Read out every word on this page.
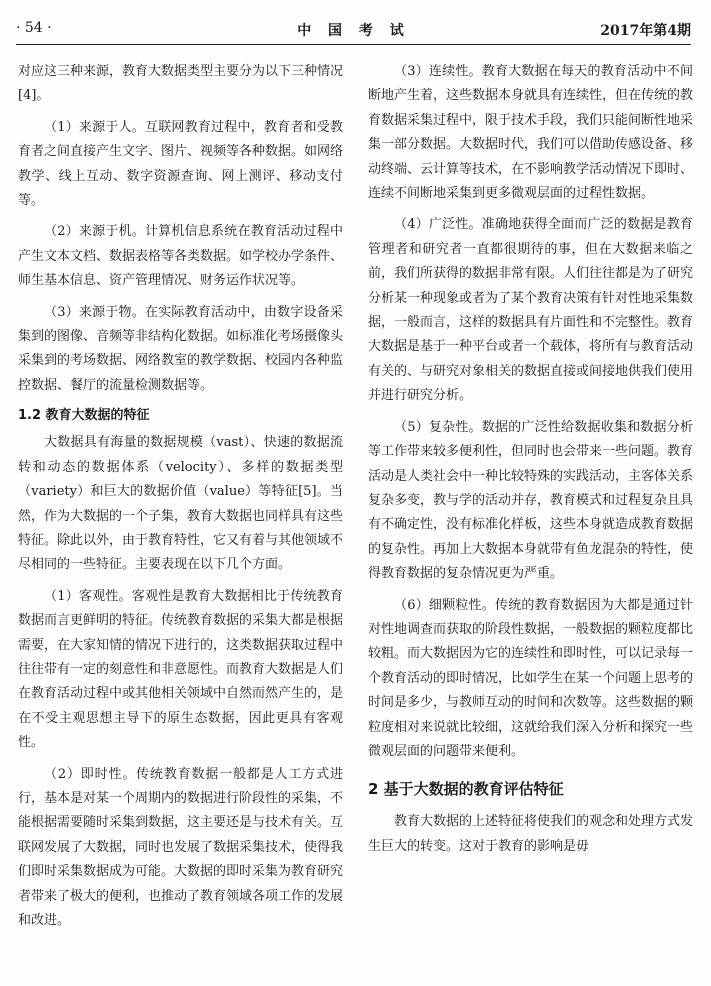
· 54 ·	中 国 考 试	2017年第4期

对应这三种来源，教育大数据类型主要分为以下三种情况[4]。

（1）来源于人。互联网教育过程中，教育者和受教育者之间直接产生文字、图片、视频等各种数据。如网络教学、线上互动、数字资源查询、网上测评、移动支付等。

（2）来源于机。计算机信息系统在教育活动过程中产生文本文档、数据表格等各类数据。如学校办学条件、师生基本信息、资产管理情况、财务运作状况等。

（3）来源于物。在实际教育活动中，由数字设备采集到的图像、音频等非结构化数据。如标准化考场摄像头采集到的考场数据、网络教室的教学数据、校园内各种监控数据、餐厅的流量检测数据等。

1.2 教育大数据的特征

大数据具有海量的数据规模（vast）、快速的数据流转和动态的数据体系（velocity）、多样的数据类型（variety）和巨大的数据价值（value）等特征[5]。当然，作为大数据的一个子集，教育大数据也同样具有这些特征。除此以外，由于教育特性，它又有着与其他领域不尽相同的一些特征。主要表现在以下几个方面。

（1）客观性。客观性是教育大数据相比于传统教育数据而言更鲜明的特征。传统教育数据的采集大都是根据需要，在大家知情的情况下进行的，这类数据获取过程中往往带有一定的刻意性和非意愿性。而教育大数据是人们在教育活动过程中或其他相关领域中自然而然产生的，是在不受主观思想主导下的原生态数据，因此更具有客观性。

（2）即时性。传统教育数据一般都是人工方式进行，基本是对某一个周期内的数据进行阶段性的采集，不能根据需要随时采集到数据，这主要还是与技术有关。互联网发展了大数据，同时也发展了数据采集技术，使得我们即时采集数据成为可能。大数据的即时采集为教育研究者带来了极大的便利，也推动了教育领域各项工作的发展和改进。

（3）连续性。教育大数据在每天的教育活动中不间断地产生着，这些数据本身就具有连续性，但在传统的教育数据采集过程中，限于技术手段，我们只能间断性地采集一部分数据。大数据时代，我们可以借助传感设备、移动终端、云计算等技术，在不影响教学活动情况下即时、连续不间断地采集到更多微观层面的过程性数据。

（4）广泛性。准确地获得全面而广泛的数据是教育管理者和研究者一直都很期待的事，但在大数据来临之前，我们所获得的数据非常有限。人们往往都是为了研究分析某一种现象或者为了某个教育决策有针对性地采集数据，一般而言，这样的数据具有片面性和不完整性。教育大数据是基于一种平台或者一个载体，将所有与教育活动有关的、与研究对象相关的数据直接或间接地供我们使用并进行研究分析。

（5）复杂性。数据的广泛性给数据收集和数据分析等工作带来较多便利性，但同时也会带来一些问题。教育活动是人类社会中一种比较特殊的实践活动，主客体关系复杂多变，教与学的活动并存，教育模式和过程复杂且具有不确定性，没有标准化样板，这些本身就造成教育数据的复杂性。再加上大数据本身就带有鱼龙混杂的特性，使得教育数据的复杂情况更为严重。

（6）细颗粒性。传统的教育数据因为大都是通过针对性地调查而获取的阶段性数据，一般数据的颗粒度都比较粗。而大数据因为它的连续性和即时性，可以记录每一个教育活动的即时情况，比如学生在某一个问题上思考的时间是多少，与教师互动的时间和次数等。这些数据的颗粒度相对来说就比较细，这就给我们深入分析和探究一些微观层面的问题带来便利。

2 基于大数据的教育评估特征

教育大数据的上述特征将使我们的观念和处理方式发生巨大的转变。这对于教育的影响是毋
